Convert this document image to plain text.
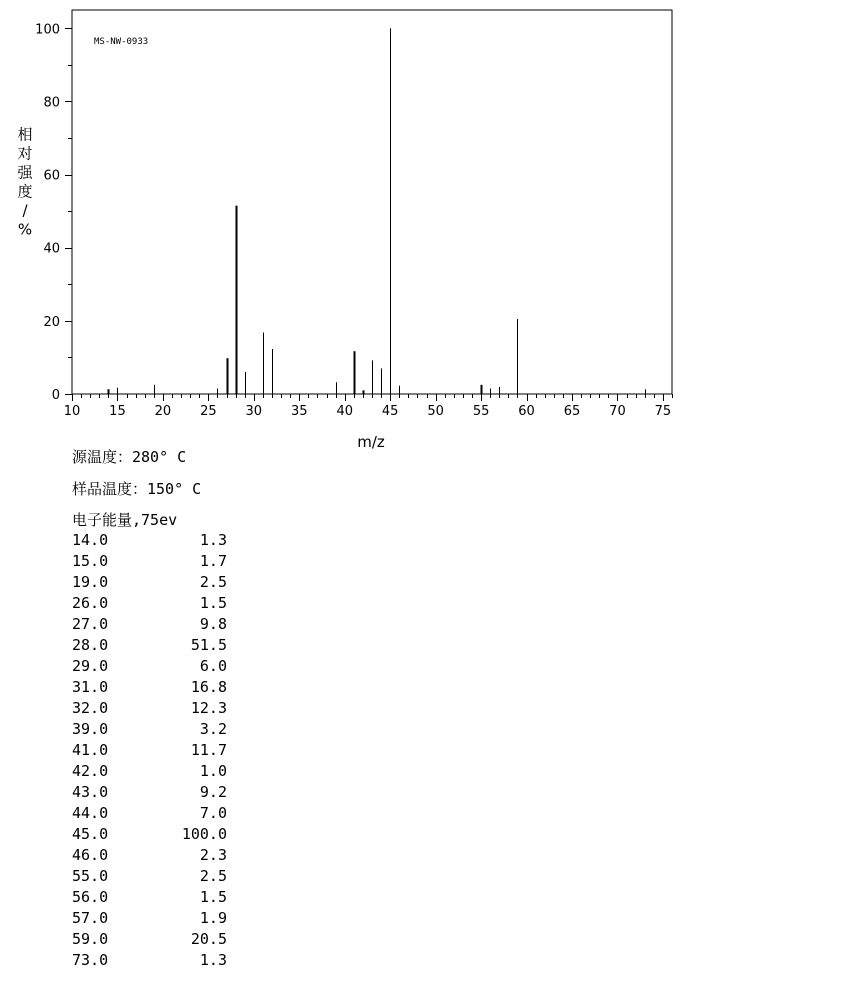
MS-NW-0933
0
20
40
60
80
100
10 15 20 25 30 35 40 45 50 55 60 65 70 75
相对强度/ %
m/z
源温度：280° C
样品温度：150° C
电子能量,75ev
14.0	1.3
15.0	1.7
19.0	2.5
26.0	1.5
27.0	9.8
28.0	51.5
29.0	6.0
31.0	16.8
32.0	12.3
39.0	3.2
41.0	11.7
42.0	1.0
43.0	9.2
44.0	7.0
45.0	100.0
46.0	2.3
55.0	2.5
56.0	1.5
57.0	1.9
59.0	20.5
73.0	1.3
